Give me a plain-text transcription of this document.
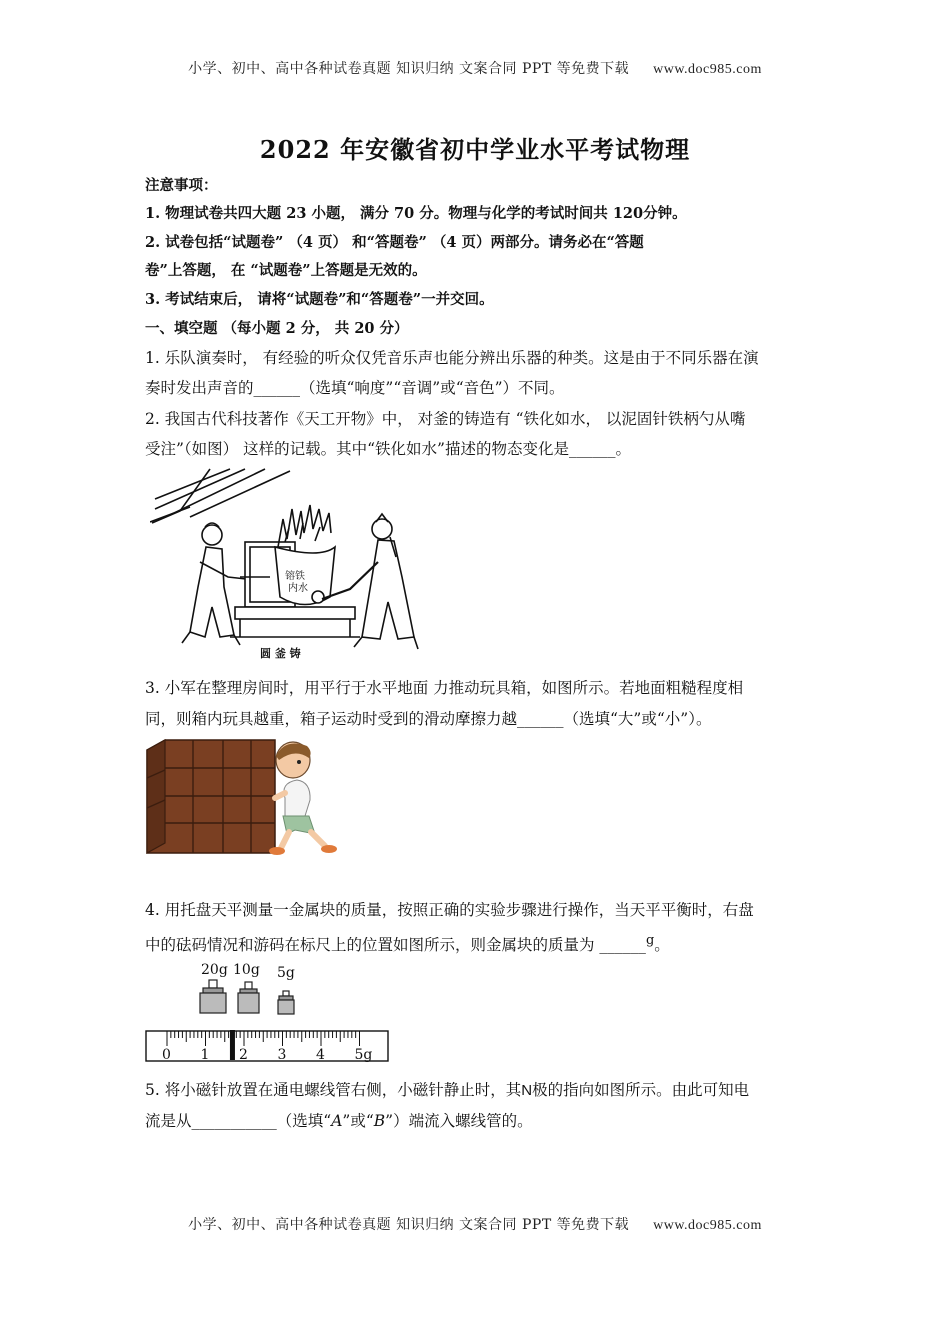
小学、初中、高中各种试卷真题 知识归纳 文案合同 PPT 等免费下载 www.doc985.com
2022 年安徽省初中学业水平考试物理
注意事项：
1. 物理试卷共四大题 23 小题， 满分 70 分。物理与化学的考试时间共 120分钟。
2. 试卷包括“试题卷” （4 页） 和“答题卷” （4 页）两部分。请务必在“答题
卷”上答题， 在 “试题卷”上答题是无效的。
3. 考试结束后， 请将“试题卷”和“答题卷”一并交回。
一、填空题 （每小题 2 分， 共 20 分）
1. 乐队演奏时， 有经验的听众仅凭音乐声也能分辨出乐器的种类。这是由于不同乐器在演
奏时发出声音的______（选填“响度”“音调”或“音色”）不同。
2. 我国古代科技著作《天工开物》中， 对釜的铸造有 “铁化如水， 以泥固针铁柄勺从嘴
受注”（如图） 这样的记载。其中“铁化如水”描述的物态变化是______。
镕铁
内水
圆 釜 铸
3. 小军在整理房间时，用平行于水平地面 力推动玩具箱，如图所示。若地面粗糙程度相
同，则箱内玩具越重，箱子运动时受到的滑动摩擦力越______（选填“大”或“小”）。
4. 用托盘天平测量一金属块的质量，按照正确的实验步骤进行操作，当天平平衡时，右盘
中的砝码情况和游码在标尺上的位置如图所示，则金属块的质量为 ______$^g$。
20g 10g 5g
0 1 2 3 4 5g
5. 将小磁针放置在通电螺线管右侧，小磁针静止时，其N极的指向如图所示。由此可知电
流是从___________（选填“A”或“B”）端流入螺线管的。
小学、初中、高中各种试卷真题 知识归纳 文案合同 PPT 等免费下载 www.doc985.com
